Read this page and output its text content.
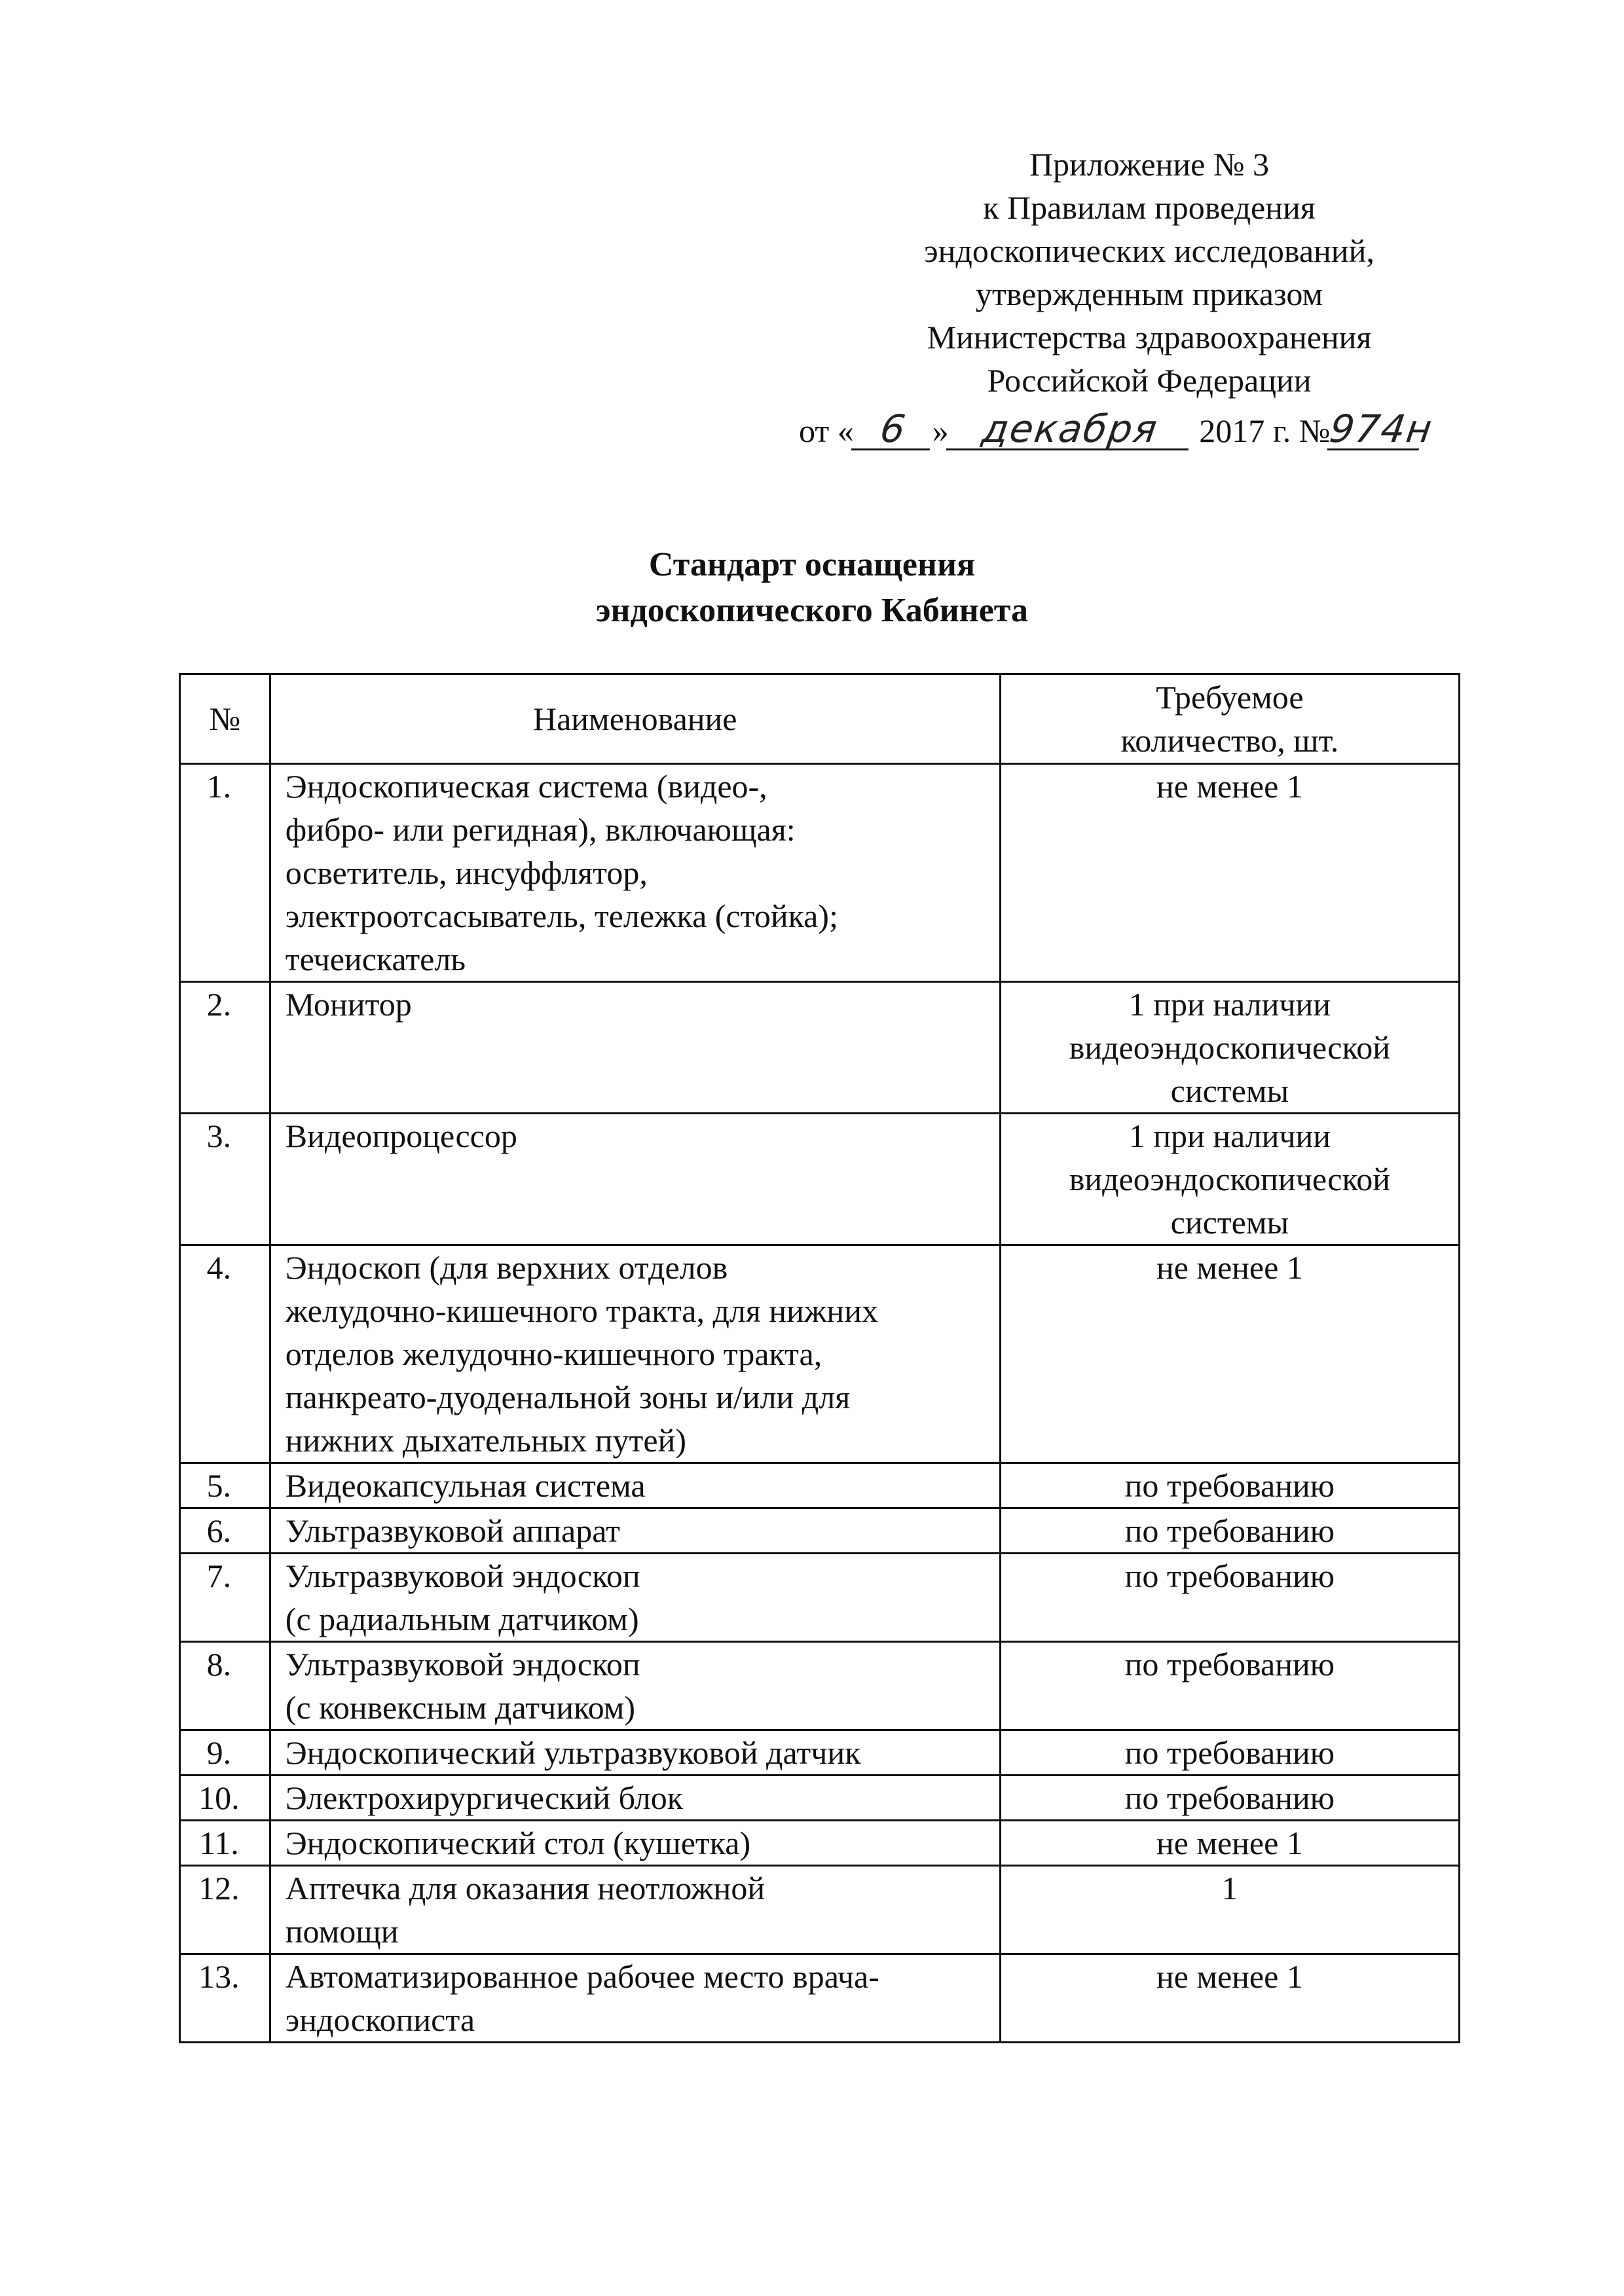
Приложение № 3
к Правилам проведения
эндоскопических исследований,
утвержденным приказом
Министерства здравоохранения
Российской Федерации
от « 6 » декабря 2017 г. №974н
Стандарт оснащения
эндоскопического Кабинета
№	Наименование	Требуемое
количество, шт.

1.	Эндоскопическая система (видео-,
фибро- или регидная), включающая:
осветитель, инсуффлятор,
электроотсасыватель, тележка (стойка);
течеискатель	не менее 1

2.	Монитор	1 при наличии
видеоэндоскопической
системы

3.	Видеопроцессор	1 при наличии
видеоэндоскопической
системы

4.	Эндоскоп (для верхних отделов
желудочно-кишечного тракта, для нижних
отделов желудочно-кишечного тракта,
панкреато-дуоденальной зоны и/или для
нижних дыхательных путей)	не менее 1

5.	Видеокапсульная система	по требованию

6.	Ультразвуковой аппарат	по требованию

7.	Ультразвуковой эндоскоп
(с радиальным датчиком)	по требованию

8.	Ультразвуковой эндоскоп
(с конвексным датчиком)	по требованию

9.	Эндоскопический ультразвуковой датчик	по требованию

10.	Электрохирургический блок	по требованию

11.	Эндоскопический стол (кушетка)	не менее 1

12.	Аптечка для оказания неотложной
помощи	1

13.	Автоматизированное рабочее место врача-
эндоскописта	не менее 1
